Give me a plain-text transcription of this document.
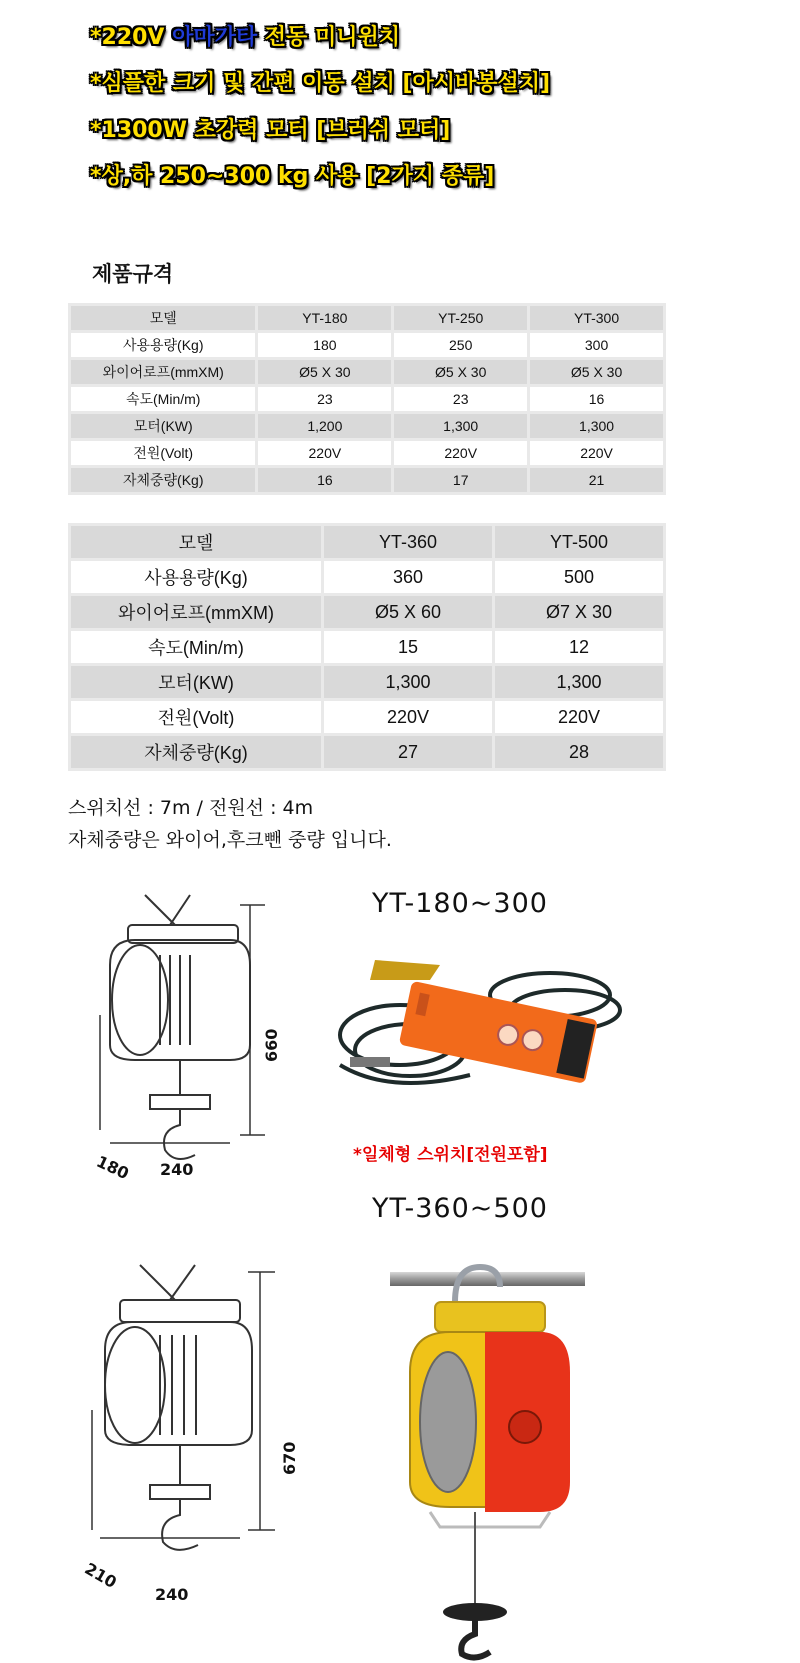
*220V 아마가타 전동 미니윈치
*심플한 크기 및 간편 이동 설치 [아시바봉설치]
*1300W 초강력 모터 [브러쉬 모터]
*상,하 250~300 kg 사용 [2가지 종류]
제품규격
모델	YT-180	YT-250	YT-300
사용용량(Kg)	180	250	300
와이어로프(mmXM)	Ø5 X 30	Ø5 X 30	Ø5 X 30
속도(Min/m)	23	23	16
모터(KW)	1,200	1,300	1,300
전원(Volt)	220V	220V	220V
자체중량(Kg)	16	17	21
모델	YT-360	YT-500
사용용량(Kg)	360	500
와이어로프(mmXM)	Ø5 X 60	Ø7 X 30
속도(Min/m)	15	12
모터(KW)	1,300	1,300
전원(Volt)	220V	220V
자체중량(Kg)	27	28
스위치선 : 7m / 전원선 : 4m
자체중량은 와이어,후크뺀 중량 입니다.
YT-180~300
660
180 240
*일체형 스위치[전원포함]
YT-360~500
670
210
240
